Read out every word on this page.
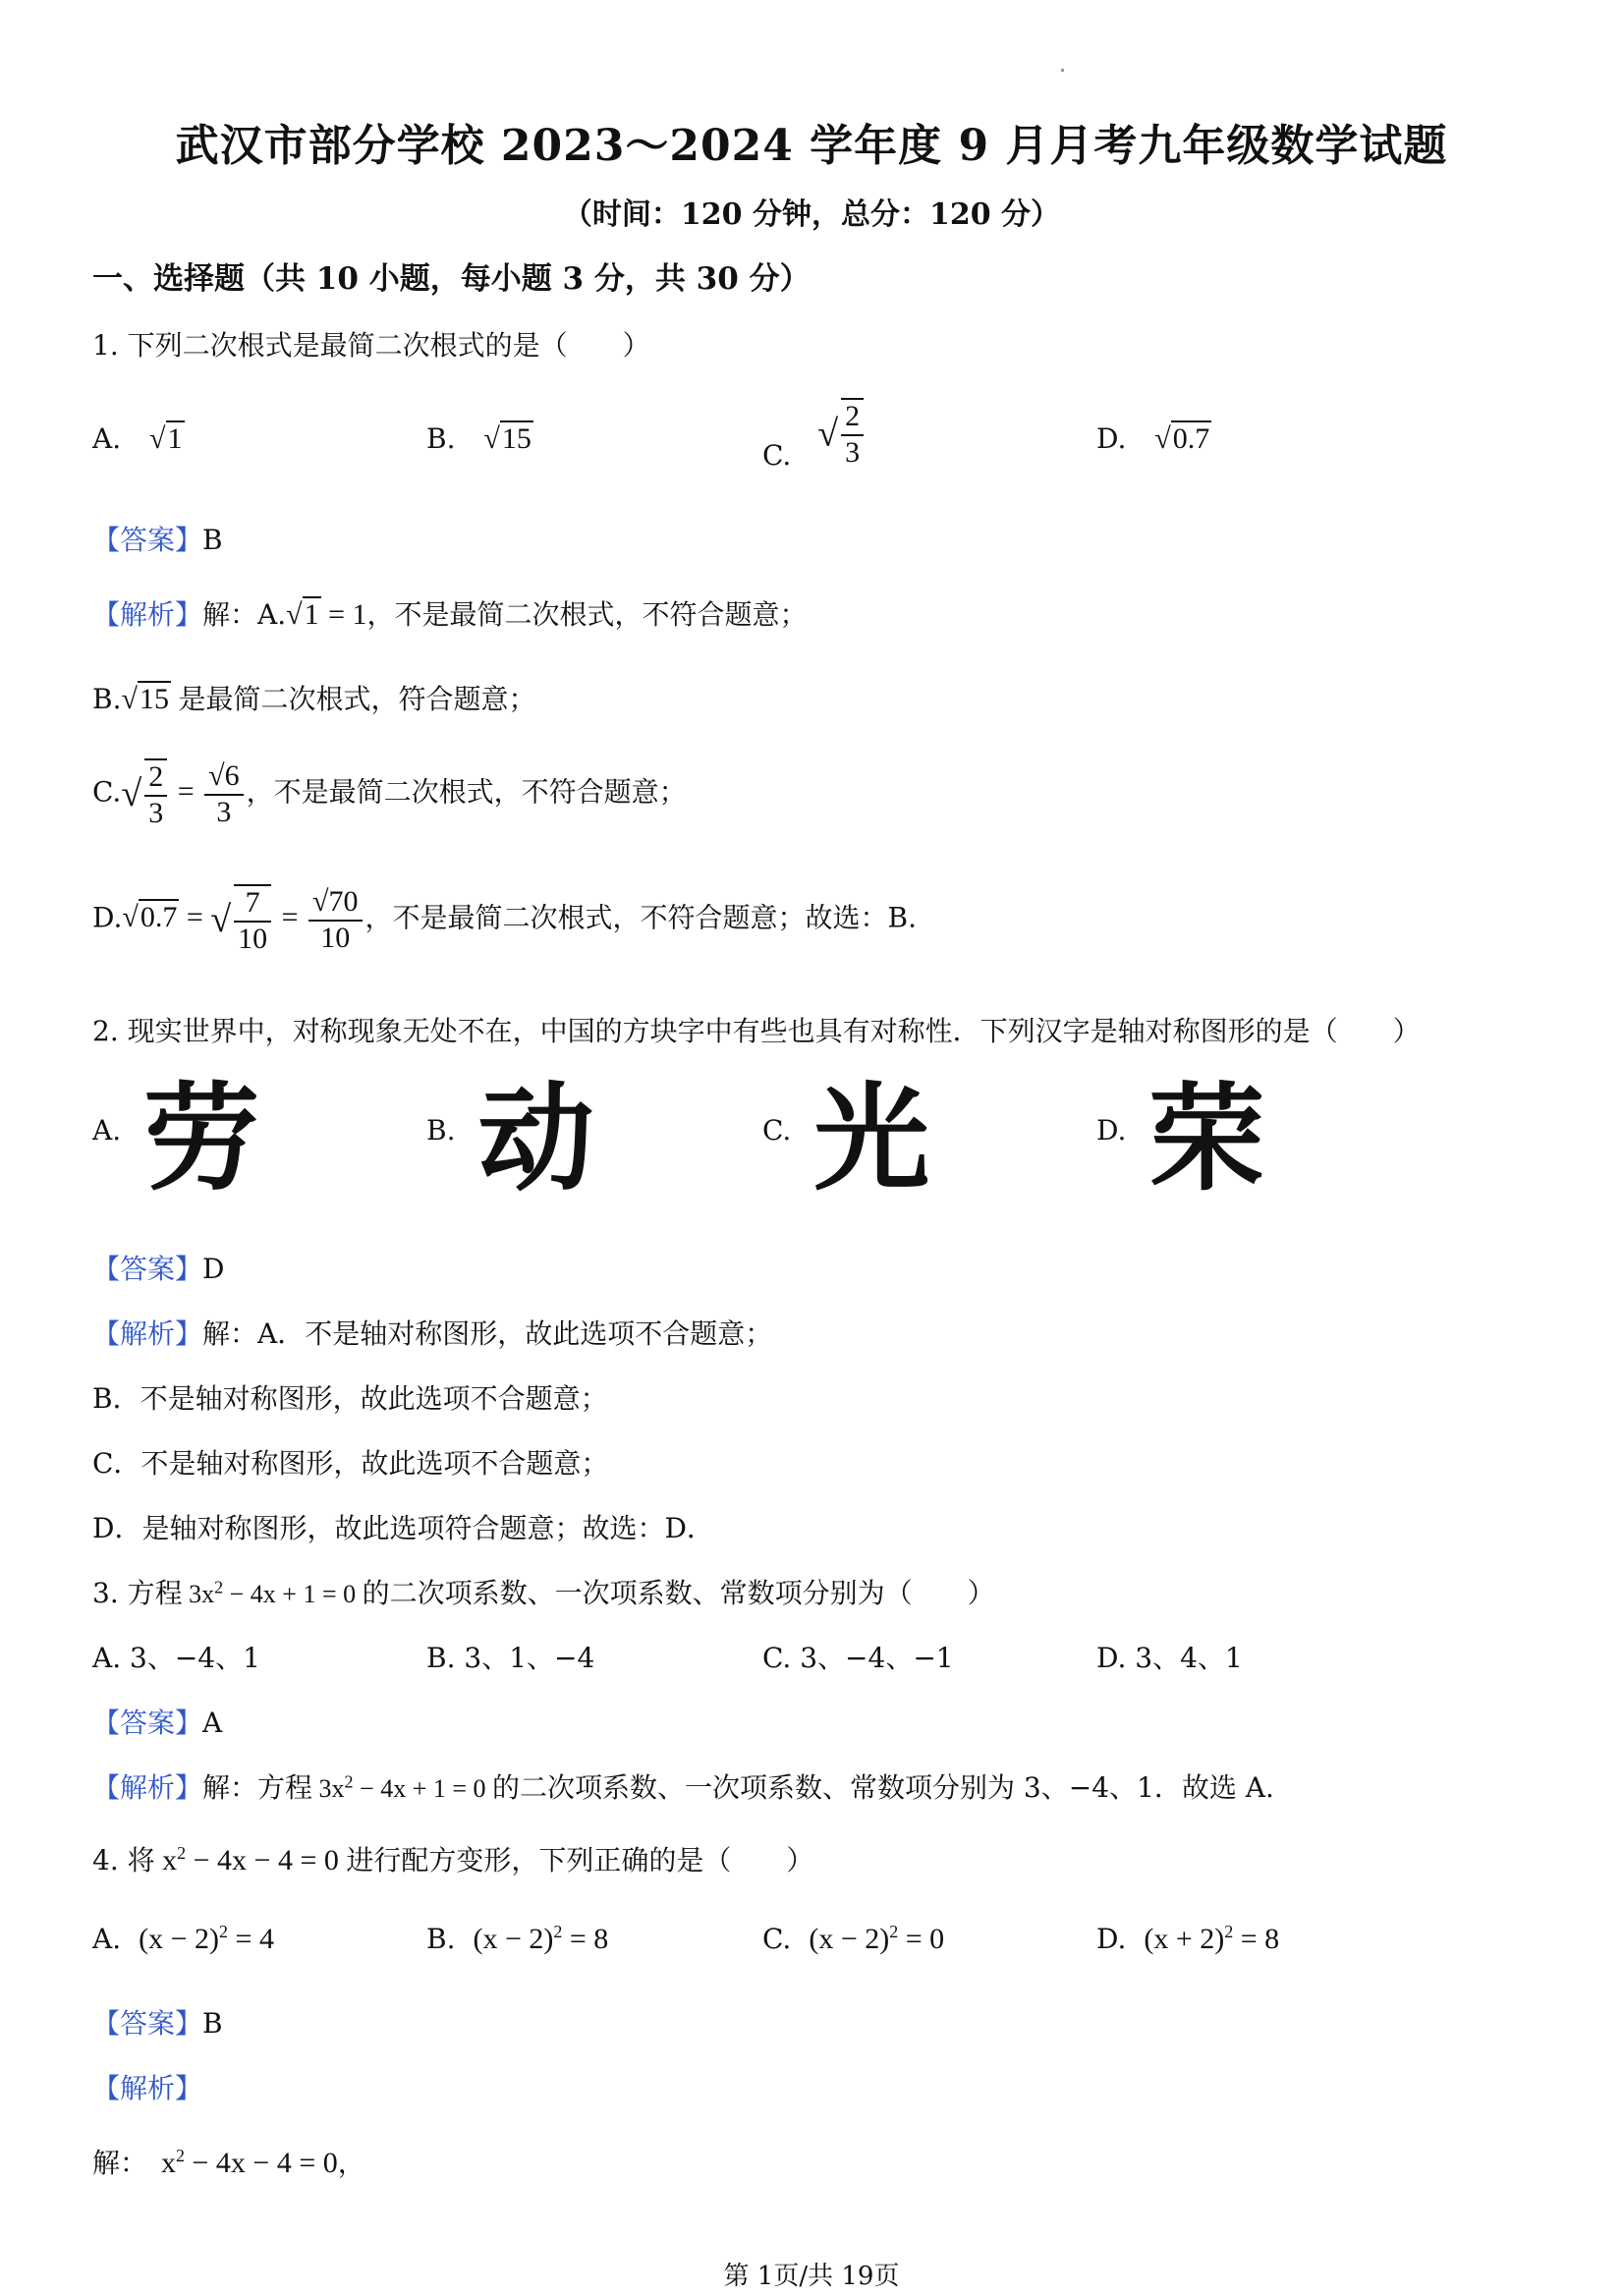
武汉市部分学校 2023～2024 学年度 9 月月考九年级数学试题
（时间：120 分钟，总分：120 分）
一、选择题（共 10 小题，每小题 3 分，共 30 分）
1. 下列二次根式是最简二次根式的是（　　）
A. √1	B. √15
C. √ $\frac{2}{3}$	D. √0.7
【答案】B
【解析】解：A.√1 = 1，不是最简二次根式，不符合题意；
B.√15 是最简二次根式，符合题意；
$C.√ \frac{2}{3} = \frac{√6}{3}$ ，不是最简二次根式，不符合题意；
D.√0.7 = √ $\frac{7}{10} = \frac{√70}{10}$ ，不是最简二次根式，不符合题意；故选：B.
2. 现实世界中，对称现象无处不在，中国的方块字中有些也具有对称性．下列汉字是轴对称图形的是（　　）
A. 劳	B. 动	C. 光	D. 荣
【答案】D
【解析】解：A．不是轴对称图形，故此选项不合题意；
B．不是轴对称图形，故此选项不合题意；
C．不是轴对称图形，故此选项不合题意；
D．是轴对称图形，故此选项符合题意；故选：D．
3. 方程 $3x^2 - 4x + 1 = 0$ 的二次项系数、一次项系数、常数项分别为（　　）
A. 3、−4、1	B. 3、1、−4	C. 3、−4、−1	D. 3、4、1
【答案】A
【解析】解：方程 $3x^2 - 4x + 1 = 0$ 的二次项系数、一次项系数、常数项分别为 3、−4、1．故选 A.
4. 将 $x^2 - 4x - 4 = 0$ 进行配方变形，下列正确的是（　　）
A. $(x - 2)^2 = 4$	B. $(x - 2)^2 = 8$	C. $(x - 2)^2 = 0$	D. $(x + 2)^2 = 8$
【答案】B
【解析】
解： $x^2 - 4x - 4 = 0$，
第 1页/共 19页
